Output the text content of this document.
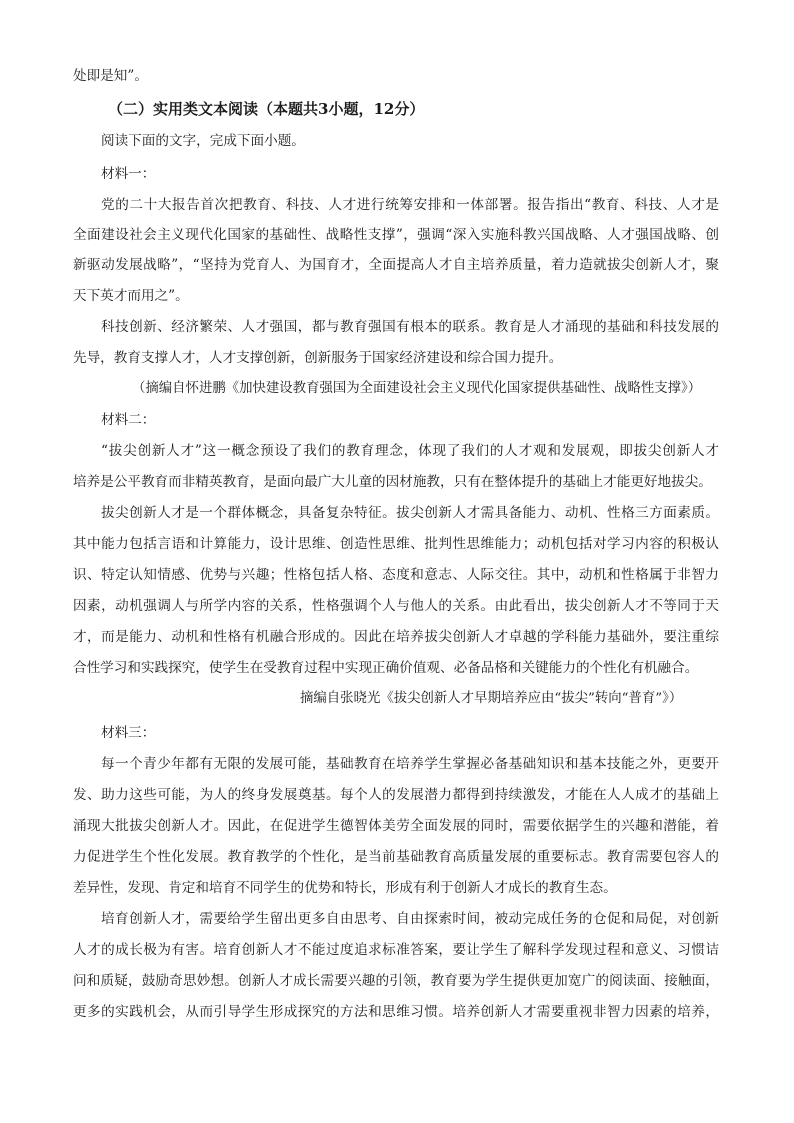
处即是知”。
（二）实用类文本阅读（本题共3小题，12分）
阅读下面的文字，完成下面小题。
材料一：
党的二十大报告首次把教育、科技、人才进行统筹安排和一体部署。报告指出“教育、科技、人才是
全面建设社会主义现代化国家的基础性、战略性支撑”，强调“深入实施科教兴国战略、人才强国战略、创
新驱动发展战略”，“坚持为党育人、为国育才，全面提高人才自主培养质量，着力造就拔尖创新人才，聚
天下英才而用之”。
科技创新、经济繁荣、人才强国，都与教育强国有根本的联系。教育是人才涌现的基础和科技发展的
先导，教育支撑人才，人才支撑创新，创新服务于国家经济建设和综合国力提升。
（摘编自怀进鹏《加快建设教育强国为全面建设社会主义现代化国家提供基础性、战略性支撑》）
材料二：
“拔尖创新人才”这一概念预设了我们的教育理念，体现了我们的人才观和发展观，即拔尖创新人才
培养是公平教育而非精英教育，是面向最广大儿童的因材施教，只有在整体提升的基础上才能更好地拔尖。
拔尖创新人才是一个群体概念，具备复杂特征。拔尖创新人才需具备能力、动机、性格三方面素质。
其中能力包括言语和计算能力，设计思维、创造性思维、批判性思维能力；动机包括对学习内容的积极认
识、特定认知情感、优势与兴趣；性格包括人格、态度和意志、人际交往。其中，动机和性格属于非智力
因素，动机强调人与所学内容的关系，性格强调个人与他人的关系。由此看出，拔尖创新人才不等同于天
才，而是能力、动机和性格有机融合形成的。因此在培养拔尖创新人才卓越的学科能力基础外，要注重综
合性学习和实践探究，使学生在受教育过程中实现正确价值观、必备品格和关键能力的个性化有机融合。
摘编自张晓光《拔尖创新人才早期培养应由“拔尖”转向“普育”》）
材料三：
每一个青少年都有无限的发展可能，基础教育在培养学生掌握必备基础知识和基本技能之外，更要开
发、助力这些可能，为人的终身发展奠基。每个人的发展潜力都得到持续激发，才能在人人成才的基础上
涌现大批拔尖创新人才。因此，在促进学生德智体美劳全面发展的同时，需要依据学生的兴趣和潜能，着
力促进学生个性化发展。教育教学的个性化，是当前基础教育高质量发展的重要标志。教育需要包容人的
差异性，发现、肯定和培育不同学生的优势和特长，形成有利于创新人才成长的教育生态。
培育创新人才，需要给学生留出更多自由思考、自由探索时间，被动完成任务的仓促和局促，对创新
人才的成长极为有害。培育创新人才不能过度追求标准答案，要让学生了解科学发现过程和意义、习惯诘
问和质疑，鼓励奇思妙想。创新人才成长需要兴趣的引领，教育要为学生提供更加宽广的阅读面、接触面，
更多的实践机会，从而引导学生形成探究的方法和思维习惯。培养创新人才需要重视非智力因素的培养，
